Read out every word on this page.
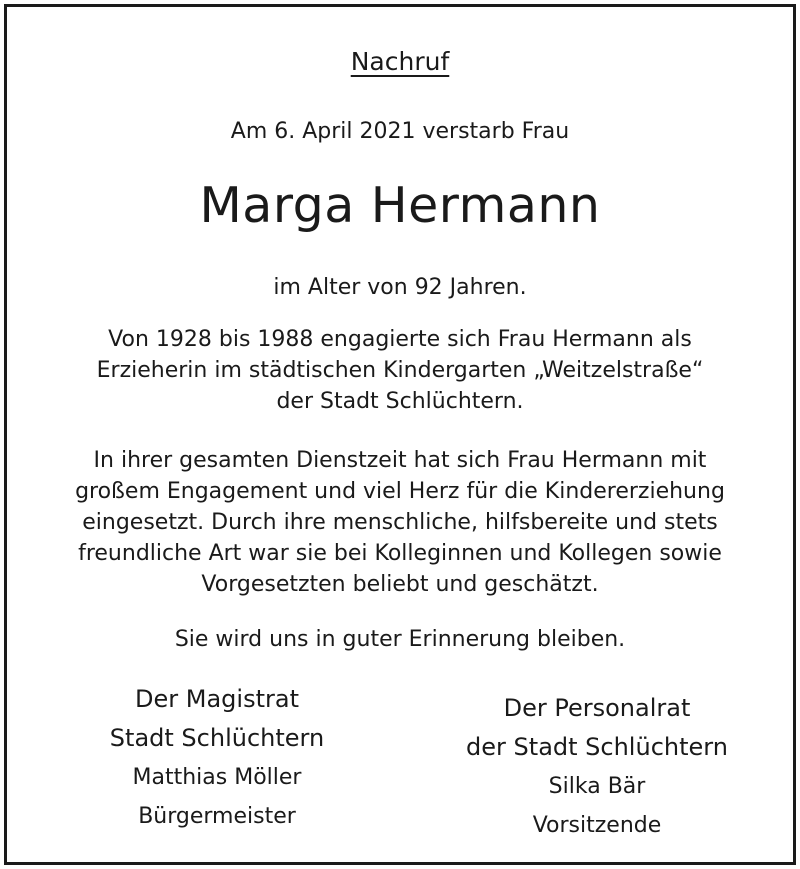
Nachruf

Am 6. April 2021 verstarb Frau

Marga Hermann

im Alter von 92 Jahren.

Von 1928 bis 1988 engagierte sich Frau Hermann als
Erzieherin im städtischen Kindergarten „Weitzelstraße“
der Stadt Schlüchtern.

In ihrer gesamten Dienstzeit hat sich Frau Hermann mit
großem Engagement und viel Herz für die Kindererziehung
eingesetzt. Durch ihre menschliche, hilfsbereite und stets
freundliche Art war sie bei Kolleginnen und Kollegen sowie
Vorgesetzten beliebt und geschätzt.

Sie wird uns in guter Erinnerung bleiben.

Der Magistrat

Stadt Schlüchtern

Matthias Möller

Bürgermeister

Der Personalrat

der Stadt Schlüchtern

Silka Bär

Vorsitzende
